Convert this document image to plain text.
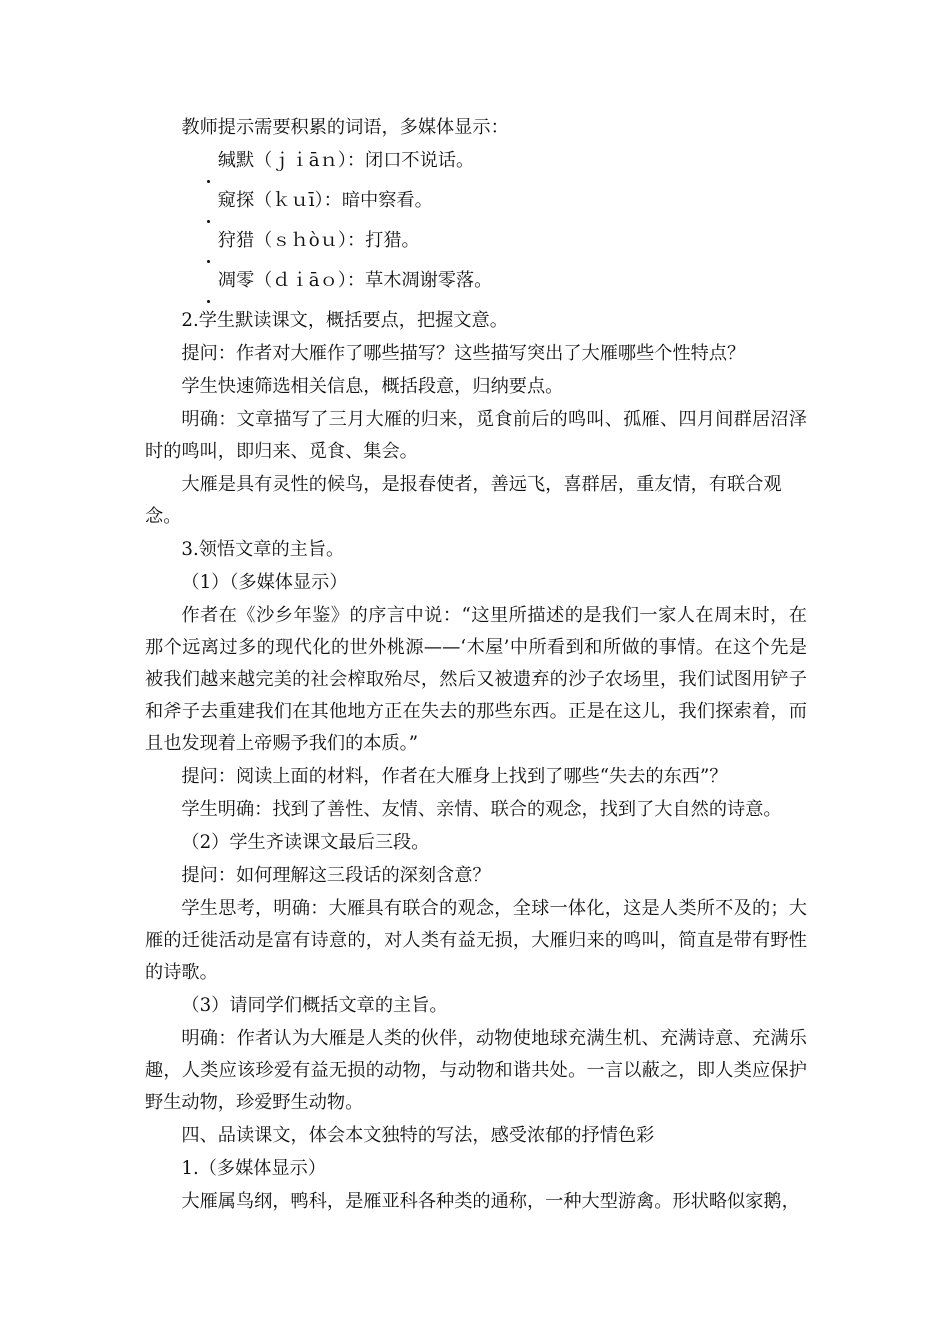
教师提示需要积累的词语，多媒体显示：

缄默（ｊｉāｎ）：闭口不说话。

窥探（ｋｕī）：暗中察看。

狩猎（ｓｈòｕ）：打猎。

凋零（ｄｉāｏ）：草木凋谢零落。

2.学生默读课文，概括要点，把握文意。

提问：作者对大雁作了哪些描写？这些描写突出了大雁哪些个性特点？

学生快速筛选相关信息，概括段意，归纳要点。

明确：文章描写了三月大雁的归来，觅食前后的鸣叫、孤雁、四月间群居沼泽时的鸣叫，即归来、觅食、集会。

大雁是具有灵性的候鸟，是报春使者，善远飞，喜群居，重友情，有联合观念。

3.领悟文章的主旨。

（1）（多媒体显示）

作者在《沙乡年鉴》的序言中说：“这里所描述的是我们一家人在周末时，在那个远离过多的现代化的世外桃源——‘木屋’中所看到和所做的事情。在这个先是被我们越来越完美的社会榨取殆尽，然后又被遗弃的沙子农场里，我们试图用铲子和斧子去重建我们在其他地方正在失去的那些东西。正是在这儿，我们探索着，而且也发现着上帝赐予我们的本质。”

提问：阅读上面的材料，作者在大雁身上找到了哪些“失去的东西”？

学生明确：找到了善性、友情、亲情、联合的观念，找到了大自然的诗意。

（2）学生齐读课文最后三段。

提问：如何理解这三段话的深刻含意？

学生思考，明确：大雁具有联合的观念，全球一体化，这是人类所不及的；大雁的迁徙活动是富有诗意的，对人类有益无损，大雁归来的鸣叫，简直是带有野性的诗歌。

（3）请同学们概括文章的主旨。

明确：作者认为大雁是人类的伙伴，动物使地球充满生机、充满诗意、充满乐趣，人类应该珍爱有益无损的动物，与动物和谐共处。一言以蔽之，即人类应保护野生动物，珍爱野生动物。

四、品读课文，体会本文独特的写法，感受浓郁的抒情色彩

1.（多媒体显示）

大雁属鸟纲，鸭科，是雁亚科各种类的通称，一种大型游禽。形状略似家鹅，
